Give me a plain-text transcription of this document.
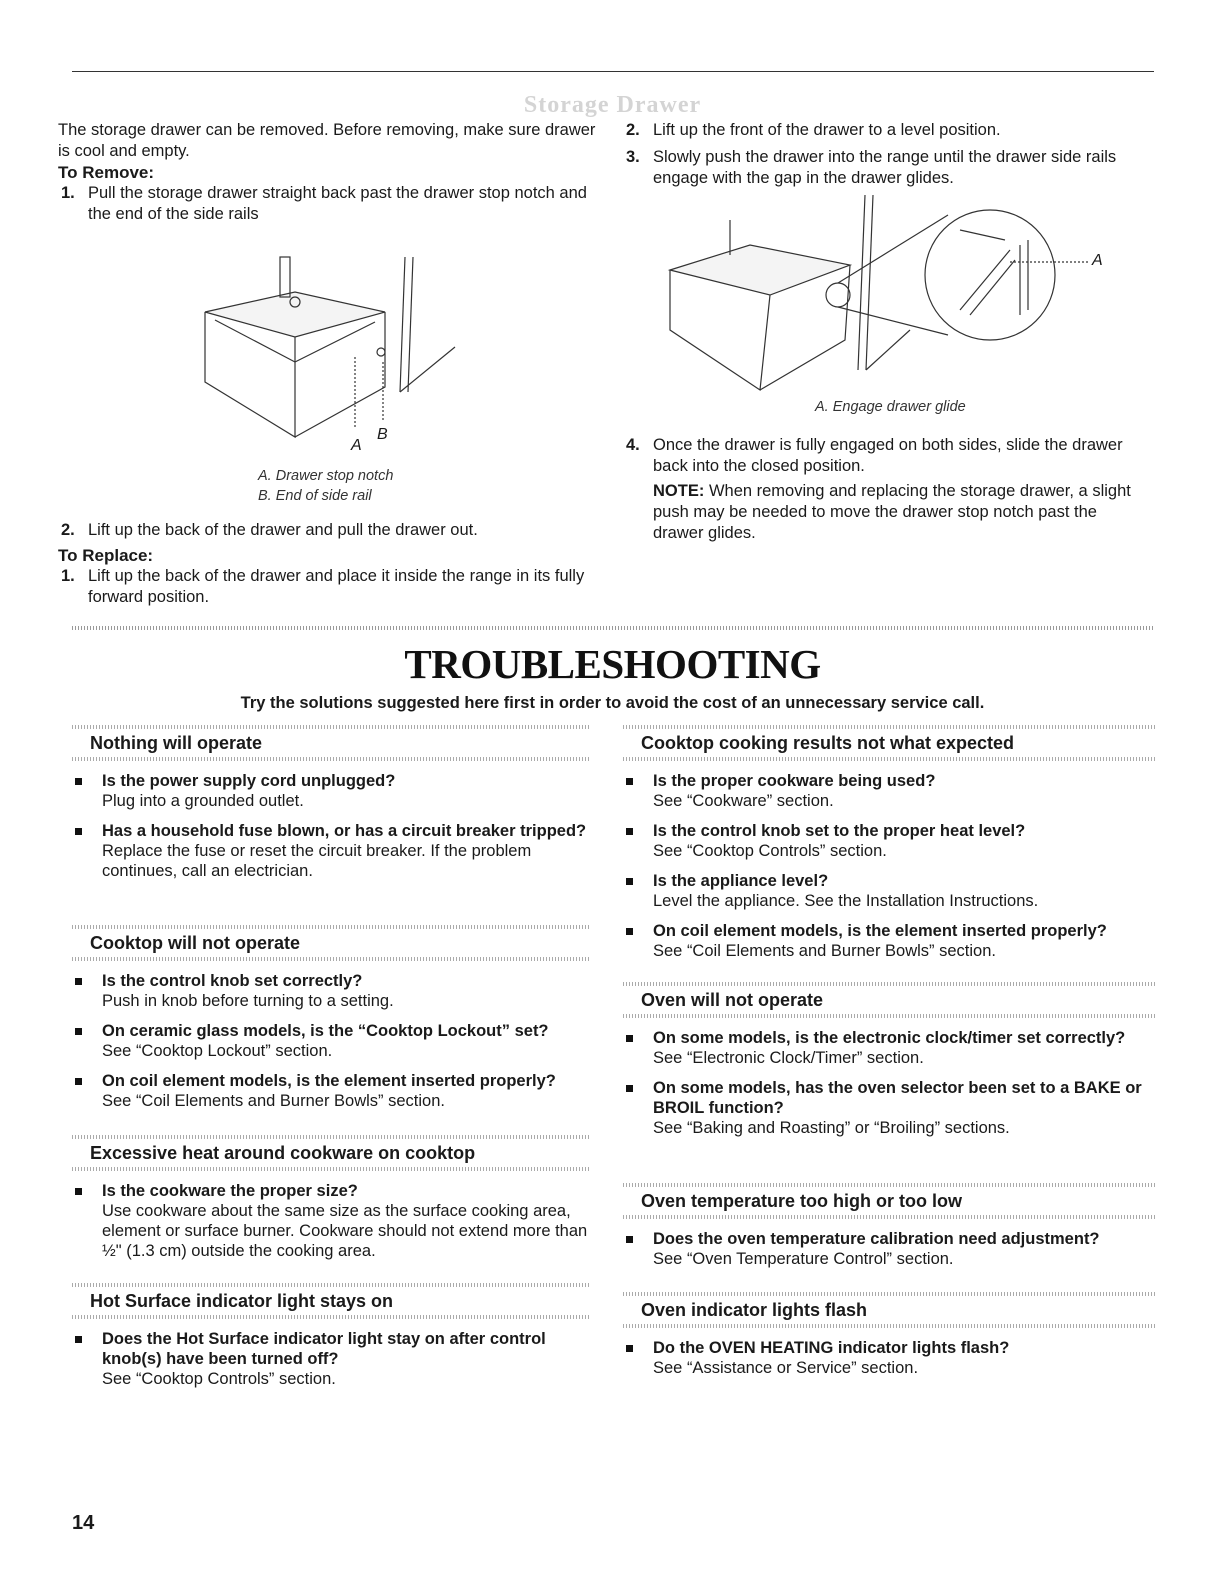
Storage Drawer

The storage drawer can be removed. Before removing, make sure drawer is cool and empty.

To Remove:

1. Pull the storage drawer straight back past the drawer stop notch and the end of the side rails
A
B
A. Drawer stop notch
B. End of side rail
2. Lift up the back of the drawer and pull the drawer out.

To Replace:

1. Lift up the back of the drawer and place it inside the range in its fully forward position.
2. Lift up the front of the drawer to a level position.
3. Slowly push the drawer into the range until the drawer side rails engage with the gap in the drawer glides.
A
A. Engage drawer glide
4. Once the drawer is fully engaged on both sides, slide the drawer back into the closed position.
NOTE: When removing and replacing the storage drawer, a slight push may be needed to move the drawer stop notch past the drawer glides.
TROUBLESHOOTING
Try the solutions suggested here first in order to avoid the cost of an unnecessary service call.
Nothing will operate
Is the power supply cord unplugged?
Plug into a grounded outlet.
Has a household fuse blown, or has a circuit breaker tripped?
Replace the fuse or reset the circuit breaker. If the problem continues, call an electrician.
Cooktop will not operate
Is the control knob set correctly?
Push in knob before turning to a setting.
On ceramic glass models, is the “Cooktop Lockout” set?
See “Cooktop Lockout” section.
On coil element models, is the element inserted properly?
See “Coil Elements and Burner Bowls” section.
Excessive heat around cookware on cooktop
Is the cookware the proper size?
Use cookware about the same size as the surface cooking area, element or surface burner. Cookware should not extend more than ½" (1.3 cm) outside the cooking area.
Hot Surface indicator light stays on
Does the Hot Surface indicator light stay on after control knob(s) have been turned off?
See “Cooktop Controls” section.
Cooktop cooking results not what expected
Is the proper cookware being used?
See “Cookware” section.
Is the control knob set to the proper heat level?
See “Cooktop Controls” section.
Is the appliance level?
Level the appliance. See the Installation Instructions.
On coil element models, is the element inserted properly?
See “Coil Elements and Burner Bowls” section.
Oven will not operate
On some models, is the electronic clock/timer set correctly?
See “Electronic Clock/Timer” section.
On some models, has the oven selector been set to a BAKE or BROIL function?
See “Baking and Roasting” or “Broiling” sections.
Oven temperature too high or too low
Does the oven temperature calibration need adjustment?
See “Oven Temperature Control” section.
Oven indicator lights flash
Do the OVEN HEATING indicator lights flash?
See “Assistance or Service” section.
14
